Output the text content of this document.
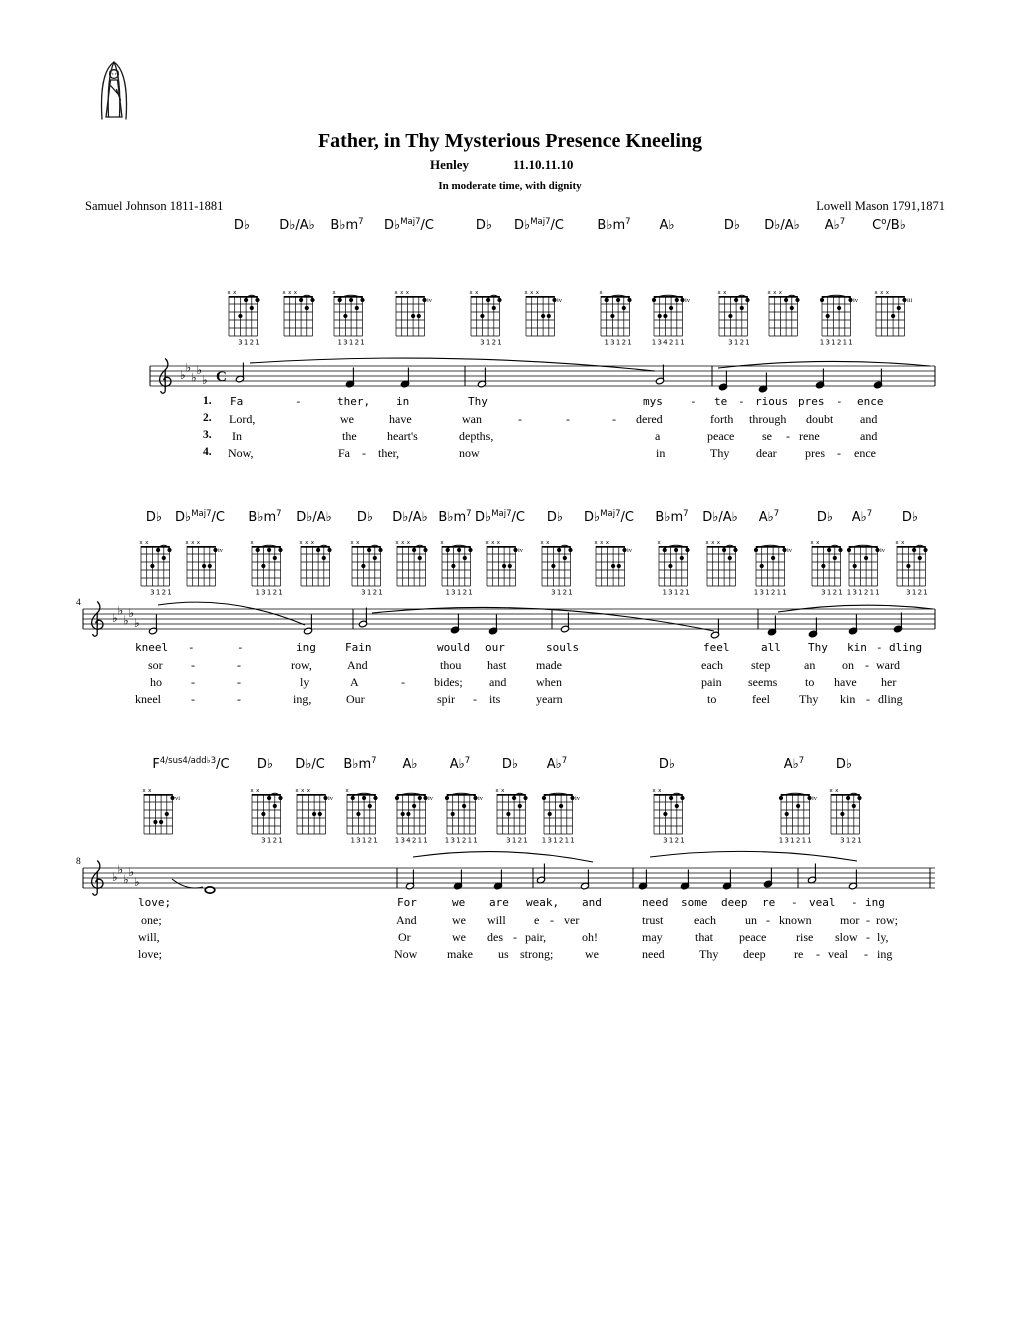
Father, in Thy Mysterious Presence Kneeling
Henley	11.10.11.10
In moderate time, with dignity
Samuel Johnson 1811-1881	Lowell Mason 1791,1871
♭
♭
♭
♭
♭ C
x x
3 1 2 1
x x x	x
1 3 1 2 1
x x x
iv
x x
3 1 2 1
x x x
iv
x
1 3 1 2 1
iv
1 3 4 2 1 1
x x
3 1 2 1
x x x
iv
1 3 1 2 1 1
x x x
iii
4
♭
♭
♭
♭
♭
x x
3 1 2 1
x x x
iv
x
1 3 1 2 1
x x x	x x
3 1 2 1
x x x	x
1 3 1 2 1
x x x
iv
x x
3 1 2 1
x x x
iv
x
1 3 1 2 1
x x x
iv
1 3 1 2 1 1
x x
3 1 2 1
iv
1 3 1 2 1 1
x x
3 1 2 1
8
♭
♭
♭
♭
♭
x x
vi
x x
3 1 2 1
x x x
iv
x
1 3 1 2 1
iv
1 3 4 2 1 1
iv
1 3 1 2 1 1
x x
3 1 2 1
iv
1 3 1 2 1 1
x x
3 1 2 1
iv
1 3 1 2 1 1
x x
3 1 2 1
D♭ D♭/A♭ $B♭m^7$ D♭$^{Maj7}$/C	D♭ D♭$^{Maj7}$/C	$B♭m^7$ A♭	D♭ D♭/A♭ A♭$^7$ $C^o/B♭$
1. Fa	-	ther, in	Thy	mys - te - rious pres - ence
2. Lord,	we	have	wan	-	-	- dered	forth through doubt and
3. In	the	heart's	depths,	a	peace se - rene	and
4. Now,	Fa - ther,	now	in	Thy dear pres - ence
D♭ D♭$^{Maj7}$/C $B♭m^7$ D♭/A♭ D♭ D♭/A♭ $B♭m^7$ D♭$^{Maj7}$/C D♭ D♭$^{Maj7}$/C $B♭m^7$ D♭/A♭ A♭$^7$	D♭ A♭$^7$ D♭
kneel -	-	ing	Fain	would our	souls	feel	all Thy kin - dling
sor -	-	row,	And	thou hast made	each step	an on - ward
ho -	-	ly	A	- bides; and when	pain seems to have her
kneel	-	-	ing,	Our	spir - its	yearn	to	feel Thy kin - dling
$F^{4/sus4/add♭3}/C$ D♭ D♭/C $B♭m^7$ A♭ A♭$^7$ D♭ A♭$^7$	D♭	A♭$^7$ D♭
love;	For	we are weak, and	need some deep re - veal - ing
one;	And	we will e - ver	trust	each un - known mor - row;
will,	Or	we des - pair,	oh!	may	that peace rise slow - ly,
love;	Now make us strong;	we	need	Thy deep re - veal - ing
